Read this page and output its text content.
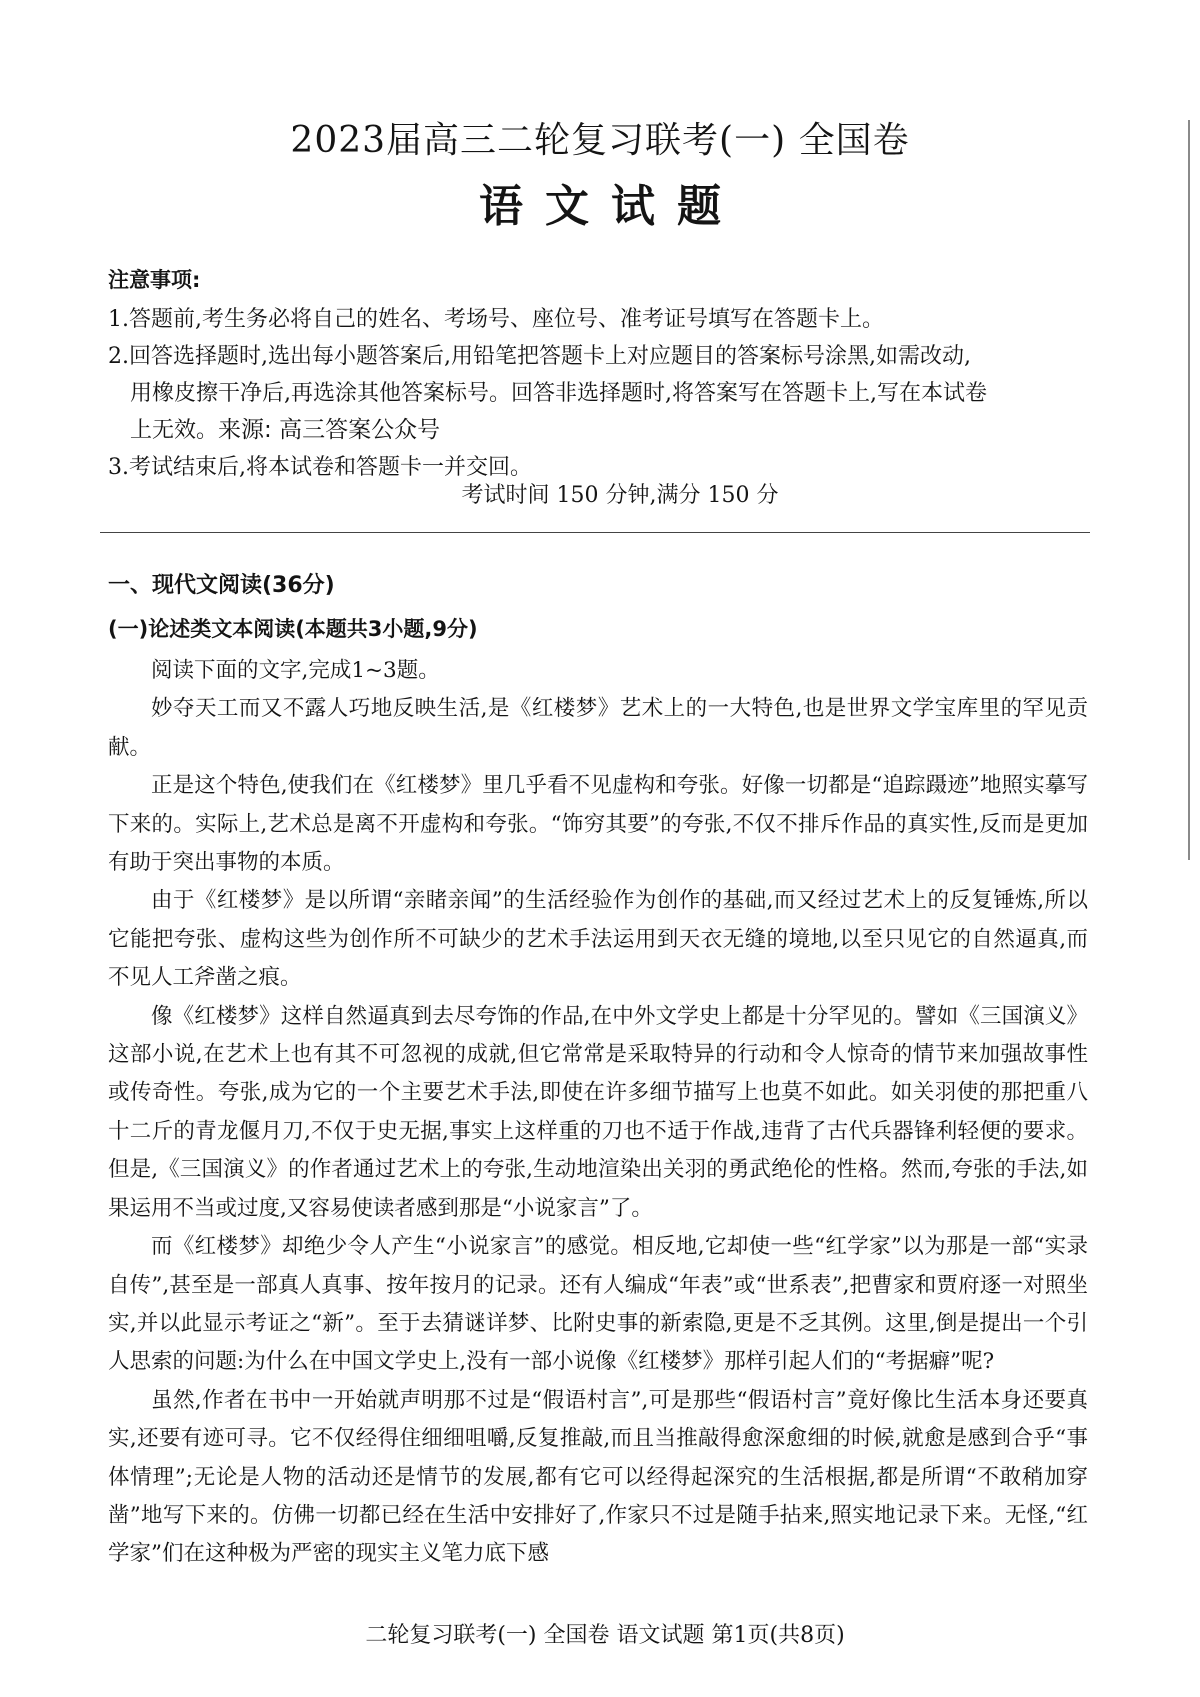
2023届高三二轮复习联考(一) 全国卷
语文试题
注意事项:
1.答题前,考生务必将自己的姓名、考场号、座位号、准考证号填写在答题卡上。
2.回答选择题时,选出每小题答案后,用铅笔把答题卡上对应题目的答案标号涂黑,如需改动,
用橡皮擦干净后,再选涂其他答案标号。回答非选择题时,将答案写在答题卡上,写在本试卷
上无效。来源: 高三答案公众号
3.考试结束后,将本试卷和答题卡一并交回。
考试时间 150 分钟,满分 150 分
一、现代文阅读(36分)
(一)论述类文本阅读(本题共3小题,9分)

阅读下面的文字,完成1~3题。

妙夺天工而又不露人巧地反映生活,是《红楼梦》艺术上的一大特色,也是世界文学宝库里的罕见贡献。

正是这个特色,使我们在《红楼梦》里几乎看不见虚构和夸张。好像一切都是“追踪蹑迹”地照实摹写下来的。实际上,艺术总是离不开虚构和夸张。“饰穷其要”的夸张,不仅不排斥作品的真实性,反而是更加有助于突出事物的本质。

由于《红楼梦》是以所谓“亲睹亲闻”的生活经验作为创作的基础,而又经过艺术上的反复锤炼,所以它能把夸张、虚构这些为创作所不可缺少的艺术手法运用到天衣无缝的境地,以至只见它的自然逼真,而不见人工斧凿之痕。

像《红楼梦》这样自然逼真到去尽夸饰的作品,在中外文学史上都是十分罕见的。譬如《三国演义》这部小说,在艺术上也有其不可忽视的成就,但它常常是采取特异的行动和令人惊奇的情节来加强故事性或传奇性。夸张,成为它的一个主要艺术手法,即使在许多细节描写上也莫不如此。如关羽使的那把重八十二斤的青龙偃月刀,不仅于史无据,事实上这样重的刀也不适于作战,违背了古代兵器锋利轻便的要求。但是,《三国演义》的作者通过艺术上的夸张,生动地渲染出关羽的勇武绝伦的性格。然而,夸张的手法,如果运用不当或过度,又容易使读者感到那是“小说家言”了。

而《红楼梦》却绝少令人产生“小说家言”的感觉。相反地,它却使一些“红学家”以为那是一部“实录自传”,甚至是一部真人真事、按年按月的记录。还有人编成“年表”或“世系表”,把曹家和贾府逐一对照坐实,并以此显示考证之“新”。至于去猜谜详梦、比附史事的新索隐,更是不乏其例。这里,倒是提出一个引人思索的问题:为什么在中国文学史上,没有一部小说像《红楼梦》那样引起人们的“考据癖”呢?

虽然,作者在书中一开始就声明那不过是“假语村言”,可是那些“假语村言”竟好像比生活本身还要真实,还要有迹可寻。它不仅经得住细细咀嚼,反复推敲,而且当推敲得愈深愈细的时候,就愈是感到合乎“事体情理”;无论是人物的活动还是情节的发展,都有它可以经得起深究的生活根据,都是所谓“不敢稍加穿凿”地写下来的。仿佛一切都已经在生活中安排好了,作家只不过是随手拈来,照实地记录下来。无怪,“红学家”们在这种极为严密的现实主义笔力底下感

二轮复习联考(一) 全国卷 语文试题 第1页(共8页)
